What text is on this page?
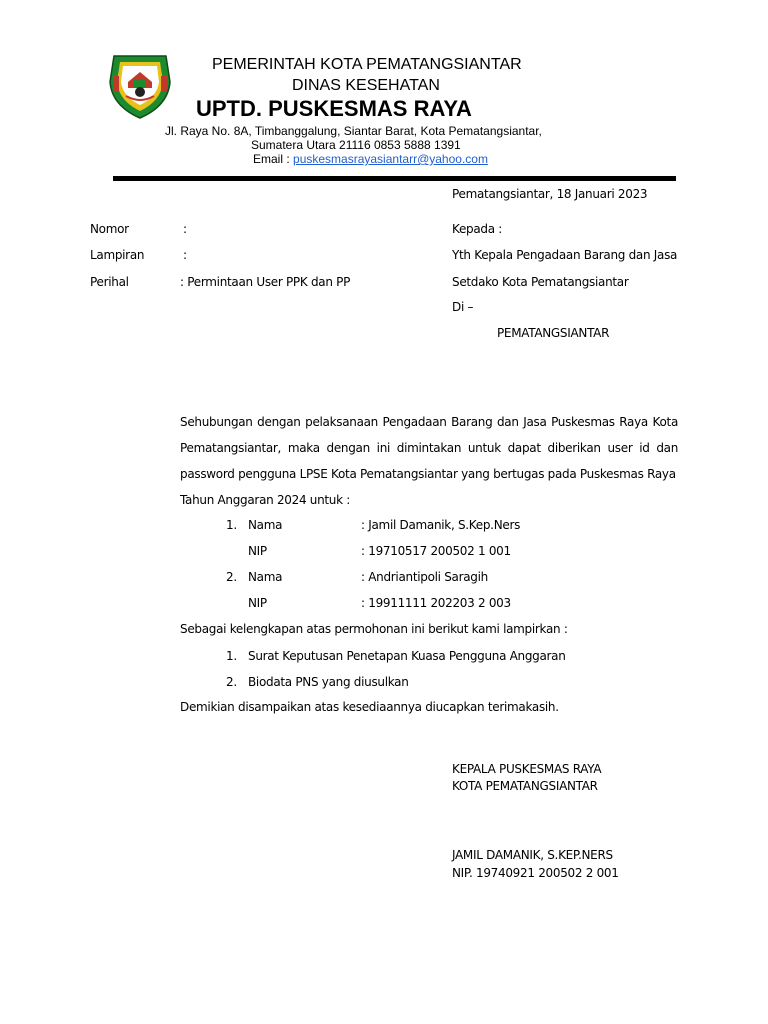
PEMERINTAH KOTA PEMATANGSIANTAR
DINAS KESEHATAN
UPTD. PUSKESMAS RAYA
Jl. Raya No. 8A, Timbanggalung, Siantar Barat, Kota Pematangsiantar,
Sumatera Utara 21116 0853 5888 1391
Email : puskesmasrayasiantarr@yahoo.com
Pematangsiantar, 18 Januari 2023
Nomor	:
Lampiran	:
Perihal	: Permintaan User PPK dan PP
Kepada :
Yth Kepala Pengadaan Barang dan Jasa
Setdako Kota Pematangsiantar
Di –
PEMATANGSIANTAR
Sehubungan dengan pelaksanaan Pengadaan Barang dan Jasa Puskesmas Raya Kota Pematangsiantar, maka dengan ini dimintakan untuk dapat diberikan user id dan password pengguna LPSE Kota Pematangsiantar yang bertugas pada Puskesmas Raya
Tahun Anggaran 2024 untuk :
1. Nama	: Jamil Damanik, S.Kep.Ners
NIP	: 19710517 200502 1 001
2. Nama	: Andriantipoli Saragih
NIP	: 19911111 202203 2 003
Sebagai kelengkapan atas permohonan ini berikut kami lampirkan :
1. Surat Keputusan Penetapan Kuasa Pengguna Anggaran
2. Biodata PNS yang diusulkan
Demikian disampaikan atas kesediaannya diucapkan terimakasih.
KEPALA PUSKESMAS RAYA
KOTA PEMATANGSIANTAR
JAMIL DAMANIK, S.KEP.NERS
NIP. 19740921 200502 2 001
